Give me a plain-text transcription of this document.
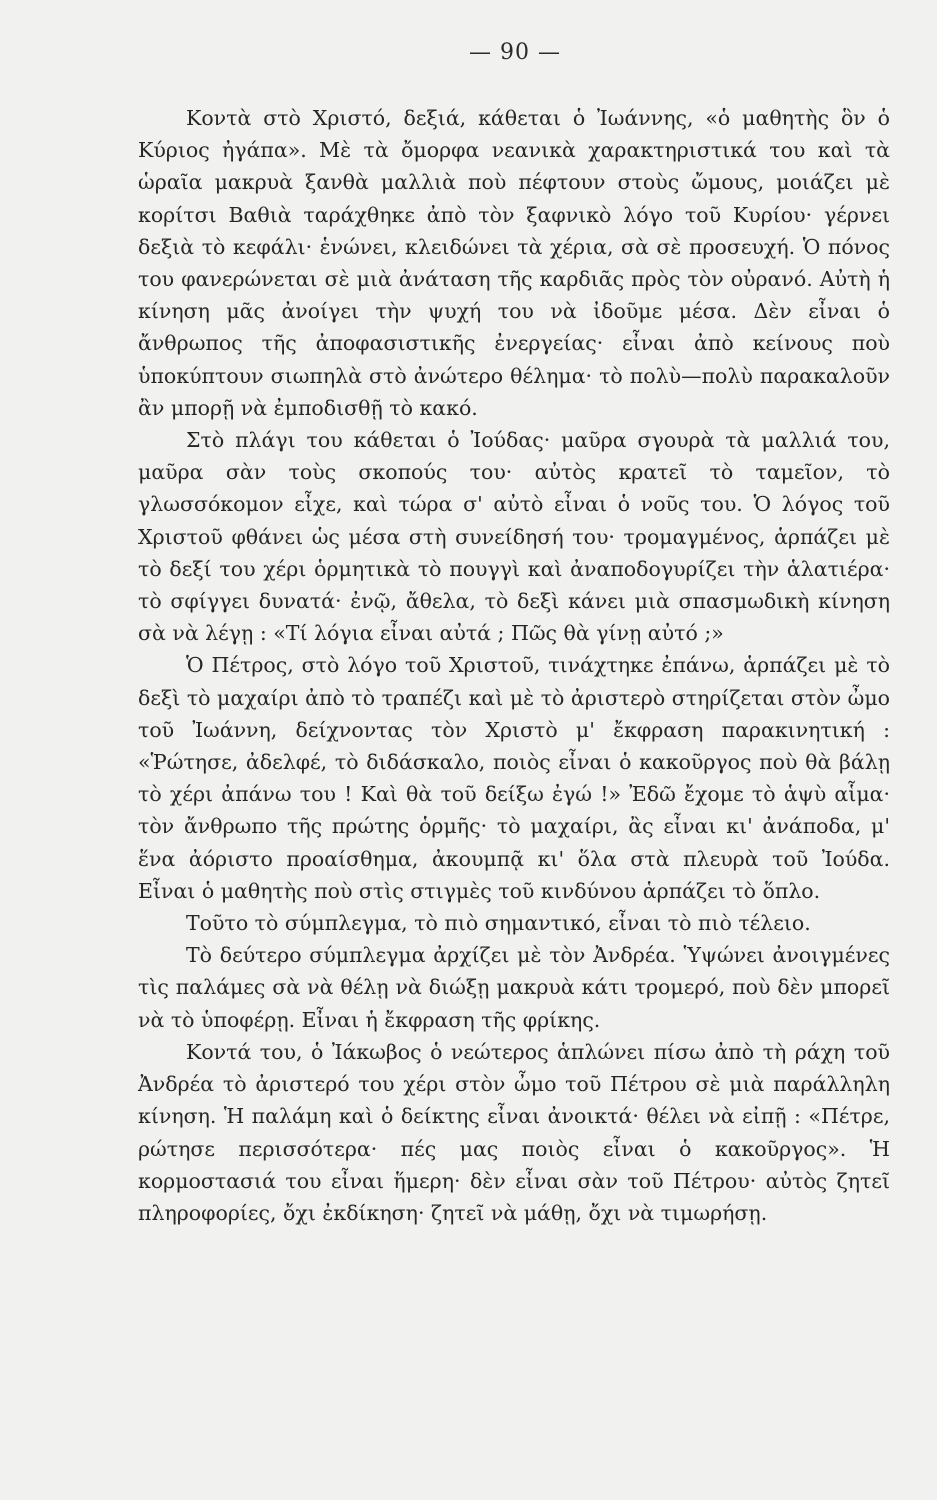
— 90 —

Κοντὰ στὸ Χριστό, δεξιά, κάθεται ὁ Ἰωάννης, «ὁ μαθητὴς ὃν ὁ Κύριος ἠγάπα». Μὲ τὰ ὄμορφα νεανικὰ χαρακτηριστικά του καὶ τὰ ὡραῖα μακρυὰ ξανθὰ μαλλιὰ ποὺ πέφτουν στοὺς ὤμους, μοιάζει μὲ κορίτσι Βαθιὰ ταράχθηκε ἀπὸ τὸν ξαφνικὸ λόγο τοῦ Κυρίου· γέρνει δεξιὰ τὸ κεφάλι· ἑνώνει, κλειδώνει τὰ χέρια, σὰ σὲ προσευχή. Ὁ πόνος του φανερώνεται σὲ μιὰ ἀνάταση τῆς καρδιᾶς πρὸς τὸν οὐρανό. Αὐτὴ ἡ κίνηση μᾶς ἀνοίγει τὴν ψυχή του νὰ ἰδοῦμε μέσα. Δὲν εἶναι ὁ ἄνθρωπος τῆς ἀποφασιστικῆς ἐνεργείας· εἶναι ἀπὸ κείνους ποὺ ὑποκύπτουν σιωπηλὰ στὸ ἀνώτερο θέλημα· τὸ πολὺ—πολὺ παρακαλοῦν ἂν μπορῇ νὰ ἐμποδισθῇ τὸ κακό.

Στὸ πλάγι του κάθεται ὁ Ἰούδας· μαῦρα σγουρὰ τὰ μαλλιά του, μαῦρα σὰν τοὺς σκοπούς του· αὐτὸς κρατεῖ τὸ ταμεῖον, τὸ γλωσσόκομον εἶχε, καὶ τώρα σ' αὐτὸ εἶναι ὁ νοῦς του. Ὁ λόγος τοῦ Χριστοῦ φθάνει ὡς μέσα στὴ συνείδησή του· τρομαγμένος, ἁρπάζει μὲ τὸ δεξί του χέρι ὁρμητικὰ τὸ πουγγὶ καὶ ἀναποδογυρίζει τὴν ἁλατιέρα· τὸ σφίγγει δυνατά· ἐνῷ, ἄθελα, τὸ δεξὶ κάνει μιὰ σπασμωδικὴ κίνηση σὰ νὰ λέγῃ : «Τί λόγια εἶναι αὐτά ; Πῶς θὰ γίνῃ αὐτό ;»

Ὁ Πέτρος, στὸ λόγο τοῦ Χριστοῦ, τινάχτηκε ἐπάνω, ἁρπάζει μὲ τὸ δεξὶ τὸ μαχαίρι ἀπὸ τὸ τραπέζι καὶ μὲ τὸ ἀριστερὸ στηρίζεται στὸν ὦμο τοῦ Ἰωάννη, δείχνοντας τὸν Χριστὸ μ' ἔκφραση παρακινητική : «Ῥώτησε, ἀδελφέ, τὸ διδάσκαλο, ποιὸς εἶναι ὁ κακοῦργος ποὺ θὰ βάλῃ τὸ χέρι ἀπάνω του ! Καὶ θὰ τοῦ δείξω ἐγώ !» Ἐδῶ ἔχομε τὸ ἁψὺ αἷμα· τὸν ἄνθρωπο τῆς πρώτης ὁρμῆς· τὸ μαχαίρι, ἂς εἶναι κι' ἀνάποδα, μ' ἕνα ἀόριστο προαίσθημα, ἀκουμπᾷ κι' ὅλα στὰ πλευρὰ τοῦ Ἰούδα. Εἶναι ὁ μαθητὴς ποὺ στὶς στιγμὲς τοῦ κινδύνου ἁρπάζει τὸ ὅπλο.

Τοῦτο τὸ σύμπλεγμα, τὸ πιὸ σημαντικό, εἶναι τὸ πιὸ τέλειο.

Τὸ δεύτερο σύμπλεγμα ἀρχίζει μὲ τὸν Ἀνδρέα. Ὑψώνει ἀνοιγμένες τὶς παλάμες σὰ νὰ θέλῃ νὰ διώξῃ μακρυὰ κάτι τρομερό, ποὺ δὲν μπορεῖ νὰ τὸ ὑποφέρῃ. Εἶναι ἡ ἔκφραση τῆς φρίκης.

Κοντά του, ὁ Ἰάκωβος ὁ νεώτερος ἁπλώνει πίσω ἀπὸ τὴ ράχη τοῦ Ἀνδρέα τὸ ἀριστερό του χέρι στὸν ὦμο τοῦ Πέτρου σὲ μιὰ παράλληλη κίνηση. Ἡ παλάμη καὶ ὁ δείκτης εἶναι ἀνοικτά· θέλει νὰ εἰπῇ : «Πέτρε, ρώτησε περισσότερα· πές μας ποιὸς εἶναι ὁ κακοῦργος». Ἡ κορμοστασιά του εἶναι ἥμερη· δὲν εἶναι σὰν τοῦ Πέτρου· αὐτὸς ζητεῖ πληροφορίες, ὄχι ἐκδίκηση· ζητεῖ νὰ μάθῃ, ὄχι νὰ τιμωρήσῃ.
